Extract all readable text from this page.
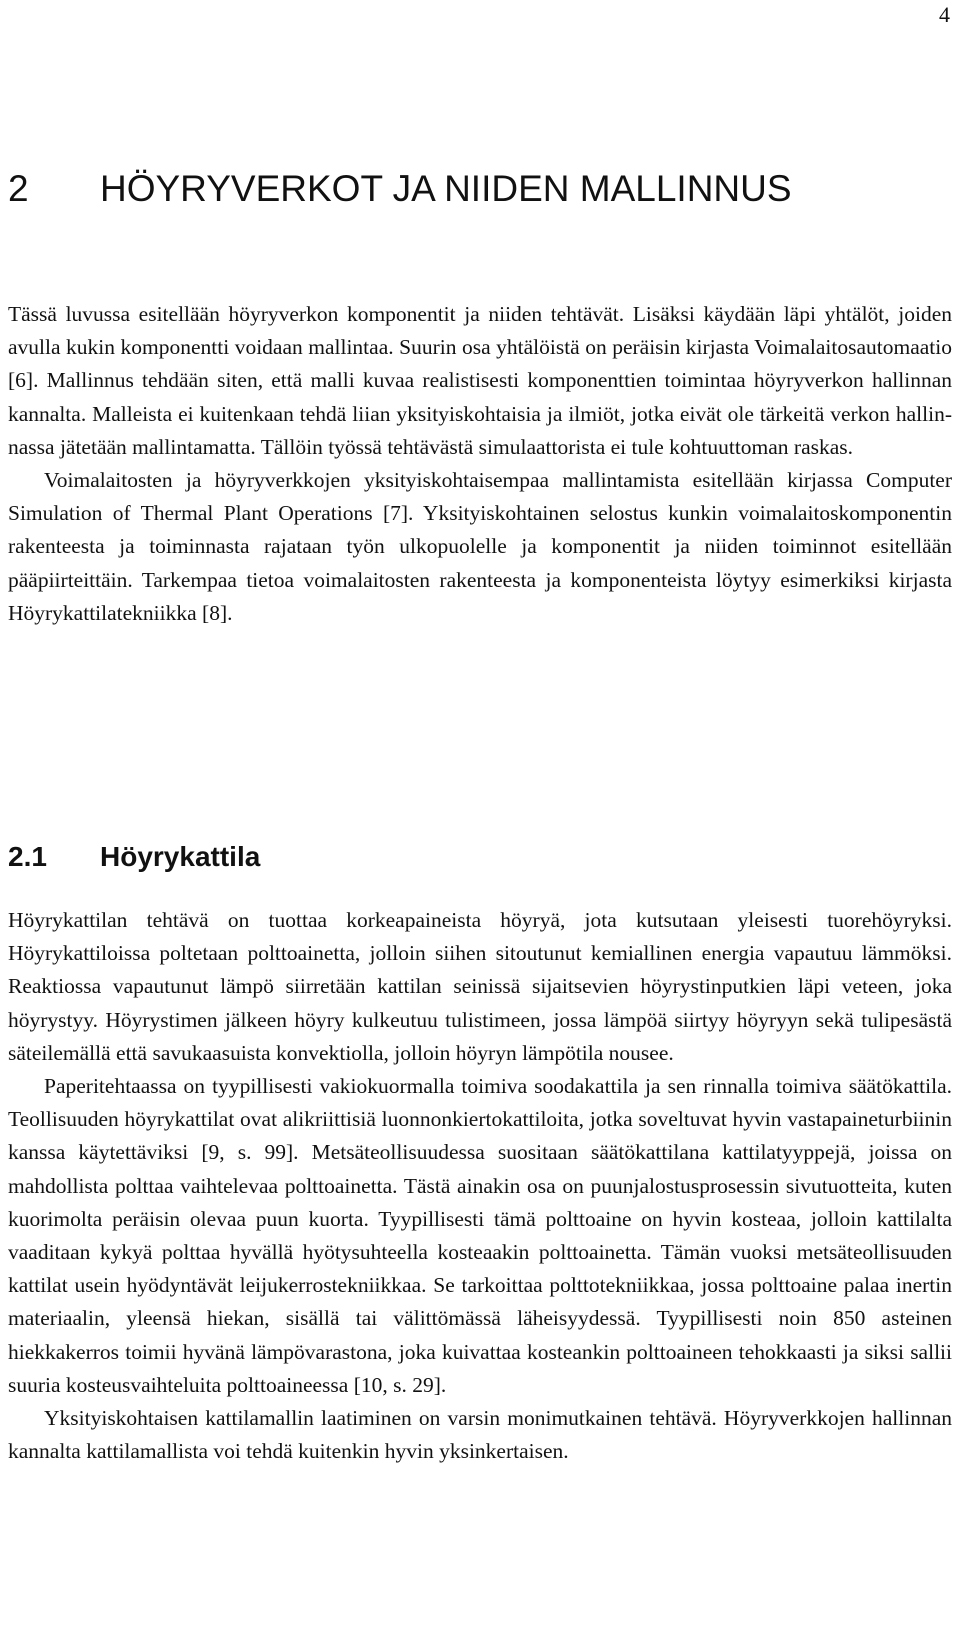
4
2 HÖYRYVERKOT JA NIIDEN MALLINNUS

Tässä luvussa esitellään höyryverkon komponentit ja niiden tehtävät. Lisäksi käydään läpi yhtälöt, joiden avulla kukin komponentti voidaan mallintaa. Suurin osa yhtälöistä on peräisin kirjasta Voimalaitosautomaatio [6]. Mallinnus tehdään siten, että malli kuvaa realistisesti komponenttien toimintaa höyryverkon hallinnan kannalta. Malleista ei kuitenkaan tehdä liian yksityiskohtaisia ja ilmiöt, jotka eivät ole tärkeitä verkon hallinnassa jätetään mallintamatta. Tällöin työssä tehtävästä simulaattorista ei tule kohtuuttoman raskas.

Voimalaitosten ja höyryverkkojen yksityiskohtaisempaa mallintamista esitellään kirjassa Computer Simulation of Thermal Plant Operations [7]. Yksityiskohtainen selostus kunkin voimalaitoskomponentin rakenteesta ja toiminnasta rajataan työn ulkopuolelle ja komponentit ja niiden toiminnot esitellään pääpiirteittäin. Tarkempaa tietoa voimalaitosten rakenteesta ja komponenteista löytyy esimerkiksi kirjasta Höyrykattilatekniikka [8].

2.1 Höyrykattila

Höyrykattilan tehtävä on tuottaa korkeapaineista höyryä, jota kutsutaan yleisesti tuorehöyryksi. Höyrykattiloissa poltetaan polttoainetta, jolloin siihen sitoutunut kemiallinen energia vapautuu lämmöksi. Reaktiossa vapautunut lämpö siirretään kattilan seinissä sijaitsevien höyrystinputkien läpi veteen, joka höyrystyy. Höyrystimen jälkeen höyry kulkeutuu tulistimeen, jossa lämpöä siirtyy höyryyn sekä tulipesästä säteilemällä että savukaasuista konvektiolla, jolloin höyryn lämpötila nousee.

Paperitehtaassa on tyypillisesti vakiokuormalla toimiva soodakattila ja sen rinnalla toimiva säätökattila. Teollisuuden höyrykattilat ovat alikriittisiä luonnonkiertokattiloita, jotka soveltuvat hyvin vastapaineturbiinin kanssa käytettäviksi [9, s. 99]. Metsäteollisuudessa suositaan säätökattilana kattilatyyppejä, joissa on mahdollista polttaa vaihtelevaa polttoainetta. Tästä ainakin osa on puunjalostusprosessin sivutuotteita, kuten kuorimolta peräisin olevaa puun kuorta. Tyypillisesti tämä polttoaine on hyvin kosteaa, jolloin kattilalta vaaditaan kykyä polttaa hyvällä hyötysuhteella kosteaakin polttoainetta. Tämän vuoksi metsäteollisuuden kattilat usein hyödyntävät leijukerrostekniikkaa. Se tarkoittaa polttotekniikkaa, jossa polttoaine palaa inertin materiaalin, yleensä hiekan, sisällä tai välittömässä läheisyydessä. Tyypillisesti noin 850 asteinen hiekkakerros toimii hyvänä lämpövarastona, joka kuivattaa kosteankin polttoaineen tehokkaasti ja siksi sallii suuria kosteusvaihteluita polttoaineessa [10, s. 29].

Yksityiskohtaisen kattilamallin laatiminen on varsin monimutkainen tehtävä. Höyryverkkojen hallinnan kannalta kattilamallista voi tehdä kuitenkin hyvin yksinkertaisen.
